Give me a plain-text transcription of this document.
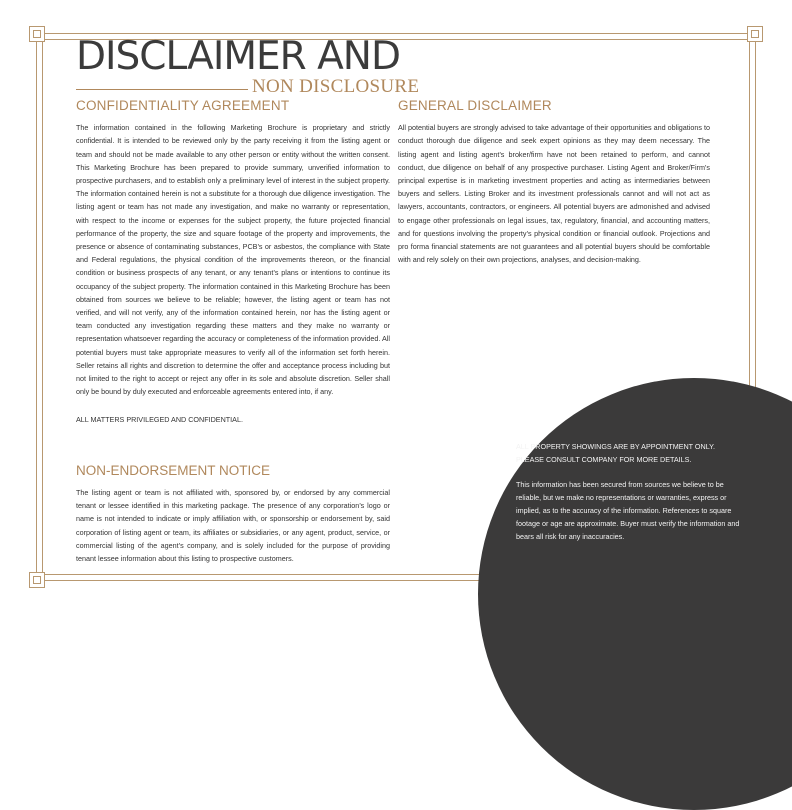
DISCLAIMER AND
NON DISCLOSURE
CONFIDENTIALITY AGREEMENT

The information contained in the following Marketing Brochure is proprietary and strictly confidential. It is intended to be reviewed only by the party receiving it from the listing agent or team and should not be made available to any other person or entity without the written consent. This Marketing Brochure has been prepared to provide summary, unverified information to prospective purchasers, and to establish only a preliminary level of interest in the subject property. The information contained herein is not a substitute for a thorough due diligence investigation. The listing agent or team has not made any investigation, and make no warranty or representation, with respect to the income or expenses for the subject property, the future projected financial performance of the property, the size and square footage of the property and improvements, the presence or absence of contaminating substances, PCB’s or asbestos, the compliance with State and Federal regulations, the physical condition of the improvements thereon, or the financial condition or business prospects of any tenant, or any tenant’s plans or intentions to continue its occupancy of the subject property. The information contained in this Marketing Brochure has been obtained from sources we believe to be reliable; however, the listing agent or team has not verified, and will not verify, any of the information contained herein, nor has the listing agent or team conducted any investigation regarding these matters and they make no warranty or representation whatsoever regarding the accuracy or completeness of the information provided. All potential buyers must take appropriate measures to verify all of the information set forth herein. Seller retains all rights and discretion to determine the offer and acceptance process including but not limited to the right to accept or reject any offer in its sole and absolute discretion. Seller shall only be bound by duly executed and enforceable agreements entered into, if any.

ALL MATTERS PRIVILEGED AND CONFIDENTIAL.

NON-ENDORSEMENT NOTICE

The listing agent or team is not affiliated with, sponsored by, or endorsed by any commercial tenant or lessee identified in this marketing package. The presence of any corporation’s logo or name is not intended to indicate or imply affiliation with, or sponsorship or endorsement by, said corporation of listing agent or team, its affiliates or subsidiaries, or any agent, product, service, or commercial listing of the agent’s company, and is solely included for the purpose of providing tenant lessee information about this listing to prospective customers.

GENERAL DISCLAIMER

All potential buyers are strongly advised to take advantage of their opportunities and obligations to conduct thorough due diligence and seek expert opinions as they may deem necessary. The listing agent and listing agent’s broker/firm have not been retained to perform, and cannot conduct, due diligence on behalf of any prospective purchaser. Listing Agent and Broker/Firm’s principal expertise is in marketing investment properties and acting as intermediaries between buyers and sellers. Listing Broker and its investment professionals cannot and will not act as lawyers, accountants, contractors, or engineers. All potential buyers are admonished and advised to engage other professionals on legal issues, tax, regulatory, financial, and accounting matters, and for questions involving the property’s physical condition or financial outlook. Projections and pro forma financial statements are not guarantees and all potential buyers should be comfortable with and rely solely on their own projections, analyses, and decision-making.

ALL PROPERTY SHOWINGS ARE BY APPOINTMENT ONLY.
PLEASE CONSULT COMPANY FOR MORE DETAILS.

This information has been secured from sources we believe to be reliable, but we make no representations or warranties, express or implied, as to the accuracy of the information. References to square footage or age are approximate. Buyer must verify the information and bears all risk for any inaccuracies.
